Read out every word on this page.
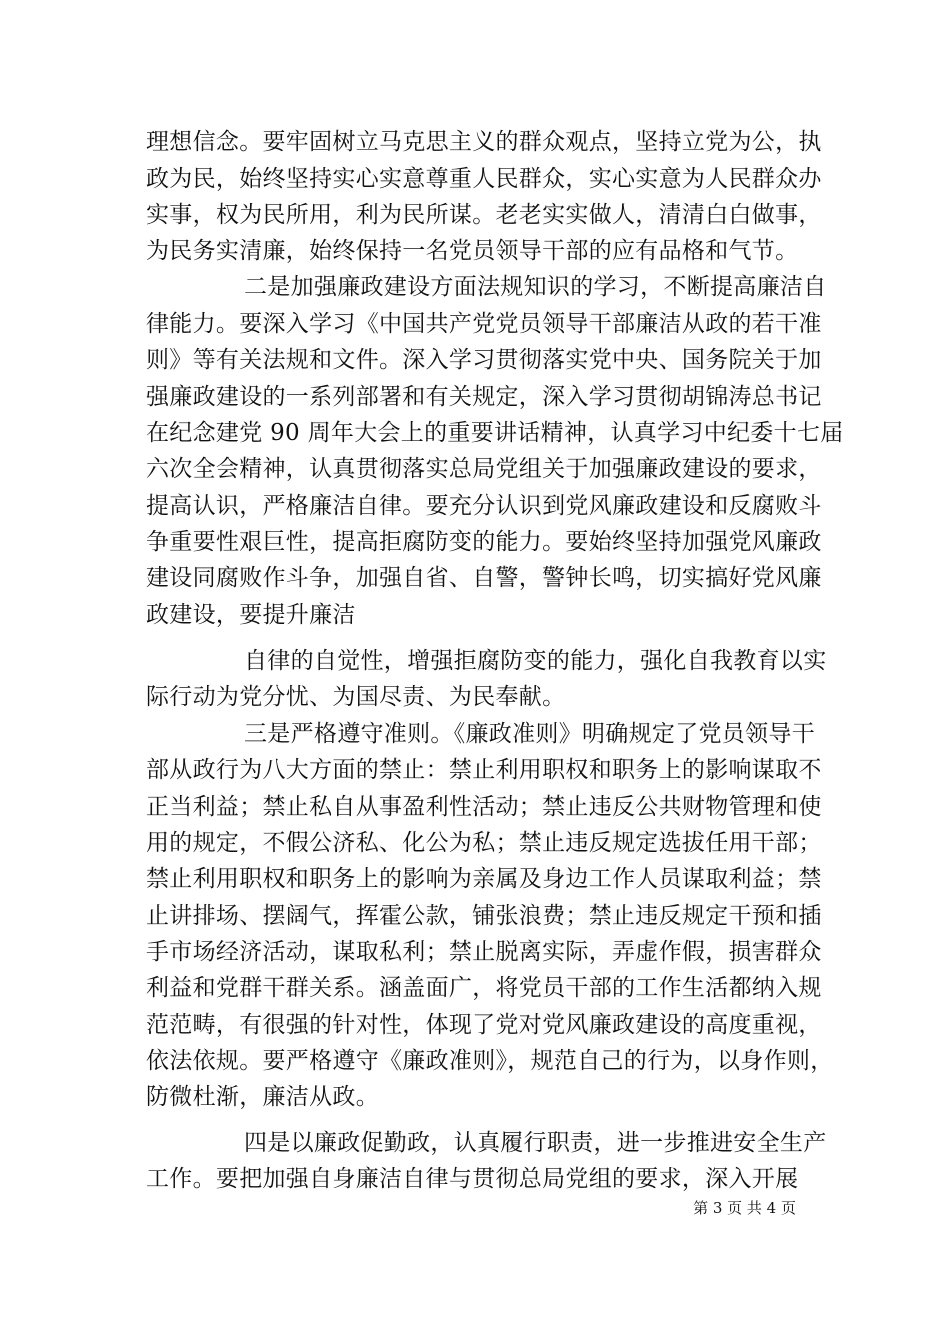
理想信念。要牢固树立马克思主义的群众观点，坚持立党为公，执
政为民，始终坚持实心实意尊重人民群众，实心实意为人民群众办
实事，权为民所用，利为民所谋。老老实实做人，清清白白做事，
为民务实清廉，始终保持一名党员领导干部的应有品格和气节。
二是加强廉政建设方面法规知识的学习，不断提高廉洁自
律能力。要深入学习《中国共产党党员领导干部廉洁从政的若干准
则》等有关法规和文件。深入学习贯彻落实党中央、国务院关于加
强廉政建设的一系列部署和有关规定，深入学习贯彻胡锦涛总书记
在纪念建党 90 周年大会上的重要讲话精神，认真学习中纪委十七届
六次全会精神，认真贯彻落实总局党组关于加强廉政建设的要求，
提高认识，严格廉洁自律。要充分认识到党风廉政建设和反腐败斗
争重要性艰巨性，提高拒腐防变的能力。要始终坚持加强党风廉政
建设同腐败作斗争，加强自省、自警，警钟长鸣，切实搞好党风廉
政建设，要提升廉洁
自律的自觉性，增强拒腐防变的能力，强化自我教育以实
际行动为党分忧、为国尽责、为民奉献。
三是严格遵守准则。《廉政准则》明确规定了党员领导干
部从政行为八大方面的禁止：禁止利用职权和职务上的影响谋取不
正当利益；禁止私自从事盈利性活动；禁止违反公共财物管理和使
用的规定，不假公济私、化公为私；禁止违反规定选拔任用干部；
禁止利用职权和职务上的影响为亲属及身边工作人员谋取利益；禁
止讲排场、摆阔气，挥霍公款，铺张浪费；禁止违反规定干预和插
手市场经济活动，谋取私利；禁止脱离实际，弄虚作假，损害群众
利益和党群干群关系。涵盖面广，将党员干部的工作生活都纳入规
范范畴，有很强的针对性，体现了党对党风廉政建设的高度重视，
依法依规。要严格遵守《廉政准则》，规范自己的行为，以身作则，
防微杜渐，廉洁从政。
四是以廉政促勤政，认真履行职责，进一步推进安全生产
工作。要把加强自身廉洁自律与贯彻总局党组的要求，深入开展
第 3 页 共 4 页
